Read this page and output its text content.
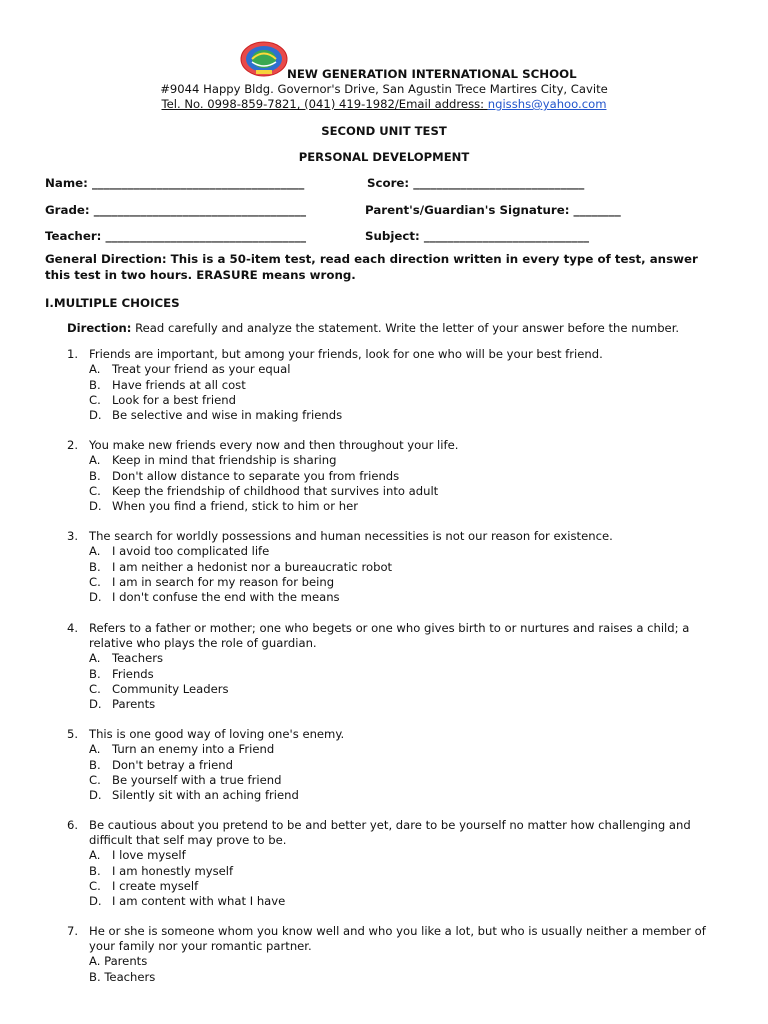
NEW GENERATION INTERNATIONAL SCHOOL
#9044 Happy Bldg. Governor's Drive, San Agustin Trece Martires City, Cavite
Tel. No. 0998-859-7821, (041) 419-1982/Email address: ngisshs@yahoo.com
SECOND UNIT TEST
PERSONAL DEVELOPMENT
Name: ____________________________________	Score: _____________________________
Grade: ____________________________________	Parent's/Guardian's Signature: ________
Teacher: __________________________________	Subject: ____________________________
General Direction: This is a 50-item test, read each direction written in every type of test, answer this test in two hours. ERASURE means wrong.
I.MULTIPLE CHOICES
Direction: Read carefully and analyze the statement. Write the letter of your answer before the number.
1. Friends are important, but among your friends, look for one who will be your best friend.
A. Treat your friend as your equal
B. Have friends at all cost
C. Look for a best friend
D. Be selective and wise in making friends
2. You make new friends every now and then throughout your life.
A. Keep in mind that friendship is sharing
B. Don't allow distance to separate you from friends
C. Keep the friendship of childhood that survives into adult
D. When you find a friend, stick to him or her
3. The search for worldly possessions and human necessities is not our reason for existence.
A. I avoid too complicated life
B. I am neither a hedonist nor a bureaucratic robot
C. I am in search for my reason for being
D. I don't confuse the end with the means
4. Refers to a father or mother; one who begets or one who gives birth to or nurtures and raises a child; a relative who plays the role of guardian.
A. Teachers
B. Friends
C. Community Leaders
D. Parents
5. This is one good way of loving one's enemy.
A. Turn an enemy into a Friend
B. Don't betray a friend
C. Be yourself with a true friend
D. Silently sit with an aching friend
6. Be cautious about you pretend to be and better yet, dare to be yourself no matter how challenging and difficult that self may prove to be.
A. I love myself
B. I am honestly myself
C. I create myself
D. I am content with what I have
7. He or she is someone whom you know well and who you like a lot, but who is usually neither a member of your family nor your romantic partner.
A. Parents
B. Teachers
